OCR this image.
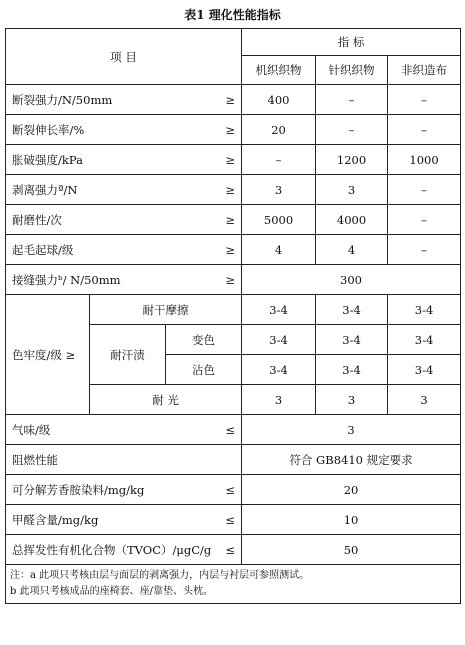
表1 理化性能指标
项 目			指 标		
			机织织物	针织织物	非织造布
断裂强力/N/50mm		≥	400	–	–
断裂伸长率/%		≥	20	–	–
胀破强度/kPa		≥	–	1200	1000
剥离强力ª/N		≥	3	3	–
耐磨性/次		≥	5000	4000	–
起毛起球/级		≥	4	4	–
接缝强力ᵇ/ N/50mm		≥	300		
色牢度/级 ≥	耐干摩擦		3-4	3-4	3-4
	耐汗渍	变色	3-4	3-4	3-4
		沾色	3-4	3-4	3-4
	耐 光		3	3	3
气味/级		≤	3		
阻燃性能			符合 GB8410 规定要求		
可分解芳香胺染料/mg/kg		≤	20		
甲醛含量/mg/kg		≤	10		
总挥发性有机化合物（TVOC）/μgC/g		≤	50		

注：a 此项只考核由层与面层的剥离强力，内层与衬层可参照测试。
b 此项只考核成品的座椅套、座/靠垫、头枕。					
